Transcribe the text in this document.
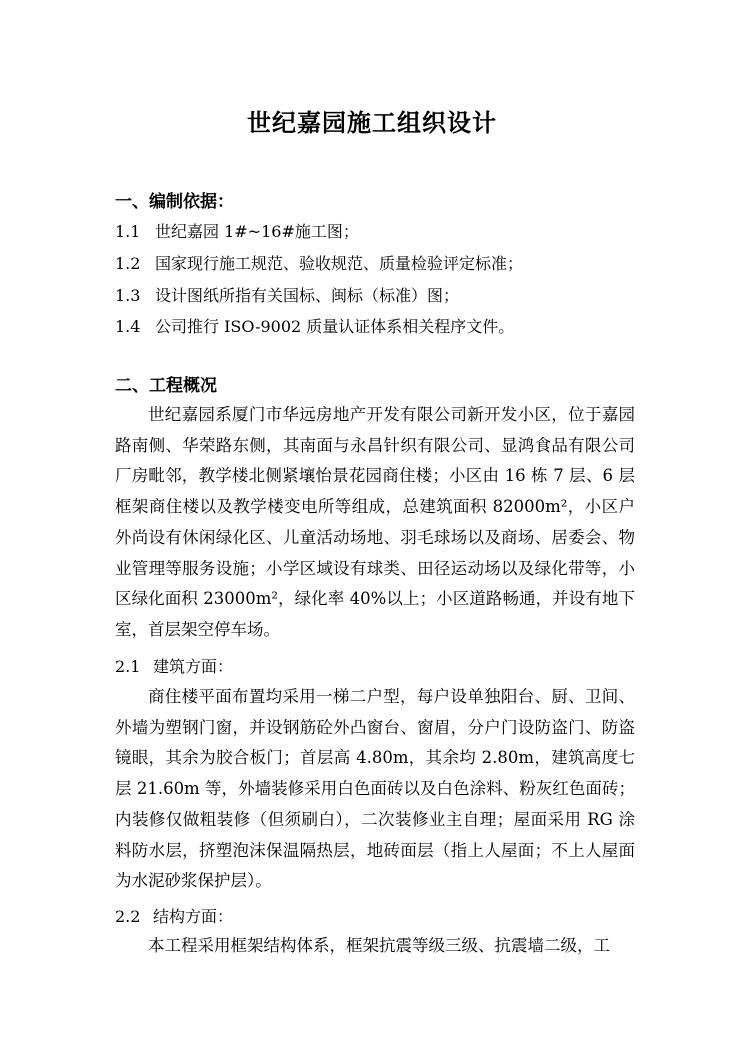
世纪嘉园施工组织设计
一、编制依据：
1.1 世纪嘉园 1#~16#施工图；
1.2 国家现行施工规范、验收规范、质量检验评定标准；
1.3 设计图纸所指有关国标、闽标（标准）图；
1.4 公司推行 ISO-9002 质量认证体系相关程序文件。
二、工程概况
世纪嘉园系厦门市华远房地产开发有限公司新开发小区，位于嘉园路南侧、华荣路东侧，其南面与永昌针织有限公司、显鸿食品有限公司厂房毗邻，教学楼北侧紧壤怡景花园商住楼；小区由 16 栋 7 层、6 层框架商住楼以及教学楼变电所等组成，总建筑面积 82000m²，小区户外尚设有休闲绿化区、儿童活动场地、羽毛球场以及商场、居委会、物业管理等服务设施；小学区域设有球类、田径运动场以及绿化带等，小区绿化面积 23000m²，绿化率 40%以上；小区道路畅通，并设有地下室，首层架空停车场。
2.1 建筑方面：
商住楼平面布置均采用一梯二户型，每户设单独阳台、厨、卫间、外墙为塑钢门窗，并设钢筋砼外凸窗台、窗眉，分户门设防盗门、防盗镜眼，其余为胶合板门；首层高 4.80m，其余均 2.80m，建筑高度七层 21.60m 等，外墙装修采用白色面砖以及白色涂料、粉灰红色面砖；内装修仅做粗装修（但须刷白），二次装修业主自理；屋面采用 RG 涂料防水层，挤塑泡沫保温隔热层，地砖面层（指上人屋面；不上人屋面为水泥砂浆保护层）。
2.2 结构方面：
本工程采用框架结构体系，框架抗震等级三级、抗震墙二级，工
